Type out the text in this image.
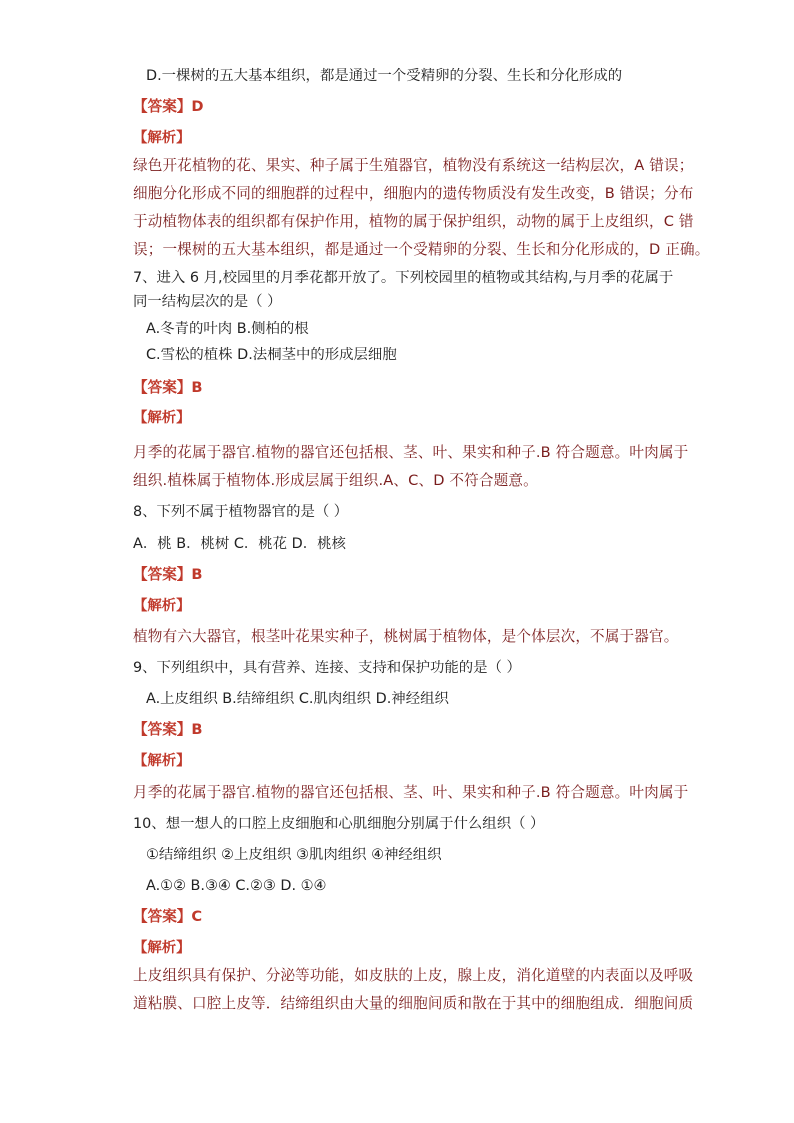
D.一棵树的五大基本组织，都是通过一个受精卵的分裂、生长和分化形成的
【答案】D
【解析】
绿色开花植物的花、果实、种子属于生殖器官，植物没有系统这一结构层次，A 错误；
细胞分化形成不同的细胞群的过程中，细胞内的遗传物质没有发生改变，B 错误；分布
于动植物体表的组织都有保护作用，植物的属于保护组织，动物的属于上皮组织，C 错
误；一棵树的五大基本组织，都是通过一个受精卵的分裂、生长和分化形成的，D 正确。
7、进入 6 月,校园里的月季花都开放了。下列校园里的植物或其结构,与月季的花属于
同一结构层次的是（ ）
A.冬青的叶肉 B.侧柏的根
C.雪松的植株 D.法桐茎中的形成层细胞
【答案】B
【解析】
月季的花属于器官.植物的器官还包括根、茎、叶、果实和种子.B 符合题意。叶肉属于
组织.植株属于植物体.形成层属于组织.A、C、D 不符合题意。
8、下列不属于植物器官的是（ ）
A．桃 B．桃树 C．桃花 D．桃核
【答案】B
【解析】
植物有六大器官，根茎叶花果实种子，桃树属于植物体，是个体层次，不属于器官。
9、下列组织中，具有营养、连接、支持和保护功能的是（ ）
A.上皮组织 B.结缔组织 C.肌肉组织 D.神经组织
【答案】B
【解析】
月季的花属于器官.植物的器官还包括根、茎、叶、果实和种子.B 符合题意。叶肉属于
10、想一想人的口腔上皮细胞和心肌细胞分别属于什么组织（ ）
①结缔组织 ②上皮组织 ③肌肉组织 ④神经组织
A.①② B.③④ C.②③ D. ①④
【答案】C
【解析】
上皮组织具有保护、分泌等功能，如皮肤的上皮，腺上皮，消化道壁的内表面以及呼吸
道粘膜、口腔上皮等．结缔组织由大量的细胞间质和散在于其中的细胞组成．细胞间质
